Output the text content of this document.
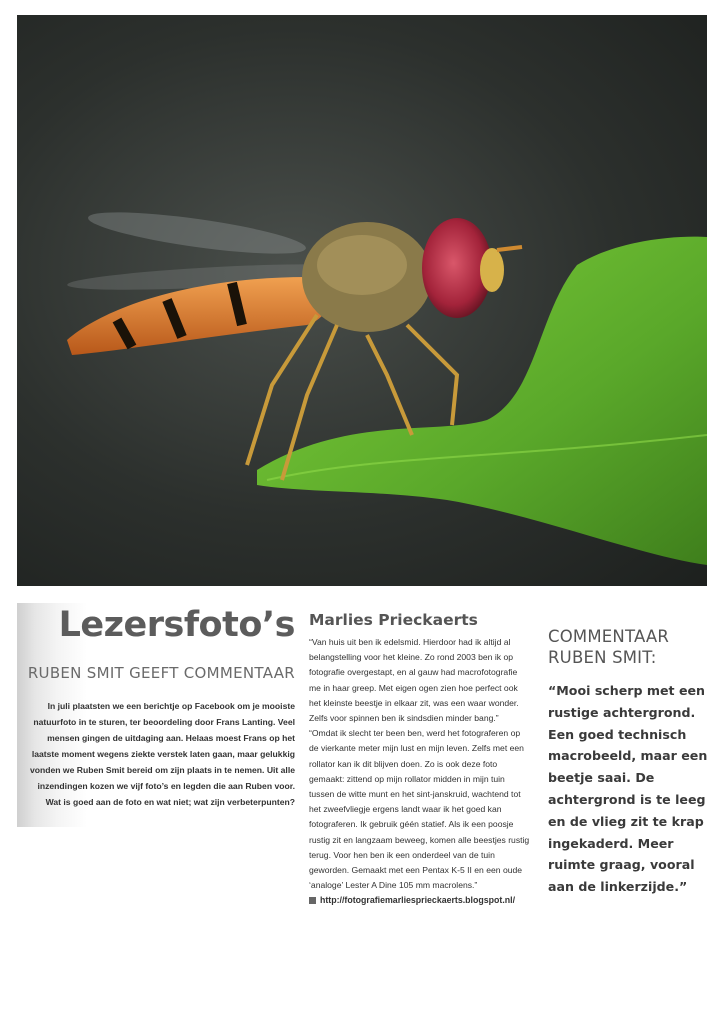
Lezersfoto’s
RUBEN SMIT GEEFT COMMENTAAR
In juli plaatsten we een berichtje op Facebook om je mooiste natuurfoto in te sturen, ter beoordeling door Frans Lanting. Veel mensen gingen de uitdaging aan. Helaas moest Frans op het laatste moment wegens ziekte verstek laten gaan, maar gelukkig vonden we Ruben Smit bereid om zijn plaats in te nemen. Uit alle inzendingen kozen we vijf foto’s en legden die aan Ruben voor. Wat is goed aan de foto en wat niet; wat zijn verbeterpunten?
Marlies Prieckaerts

“Van huis uit ben ik edelsmid. Hierdoor had ik altijd al belangstelling voor het kleine. Zo rond 2003 ben ik op fotografie overgestapt, en al gauw had macrofotografie me in haar greep. Met eigen ogen zien hoe perfect ook het kleinste beestje in elkaar zit, was een waar wonder. Zelfs voor spinnen ben ik sindsdien minder bang.”

“Omdat ik slecht ter been ben, werd het fotograferen op de vierkante meter mijn lust en mijn leven. Zelfs met een rollator kan ik dit blijven doen. Zo is ook deze foto gemaakt: zittend op mijn rollator midden in mijn tuin tussen de witte munt en het sint-janskruid, wachtend tot het zweefvliegje ergens landt waar ik het goed kan fotograferen. Ik gebruik géén statief. Als ik een poosje rustig zit en langzaam beweeg, komen alle beestjes rustig terug. Voor hen ben ik een onderdeel van de tuin geworden. Gemaakt met een Pentax K-5 II en een oude ‘analoge’ Lester A Dine 105 mm macrolens.”

http://fotografiemarliesprieckaerts.blogspot.nl/
COMMENTAAR
RUBEN SMIT:
“Mooi scherp met een rustige achtergrond. Een goed technisch macrobeeld, maar een beetje saai. De achtergrond is te leeg en de vlieg zit te krap ingekaderd. Meer ruimte graag, vooral aan de linkerzijde.”
